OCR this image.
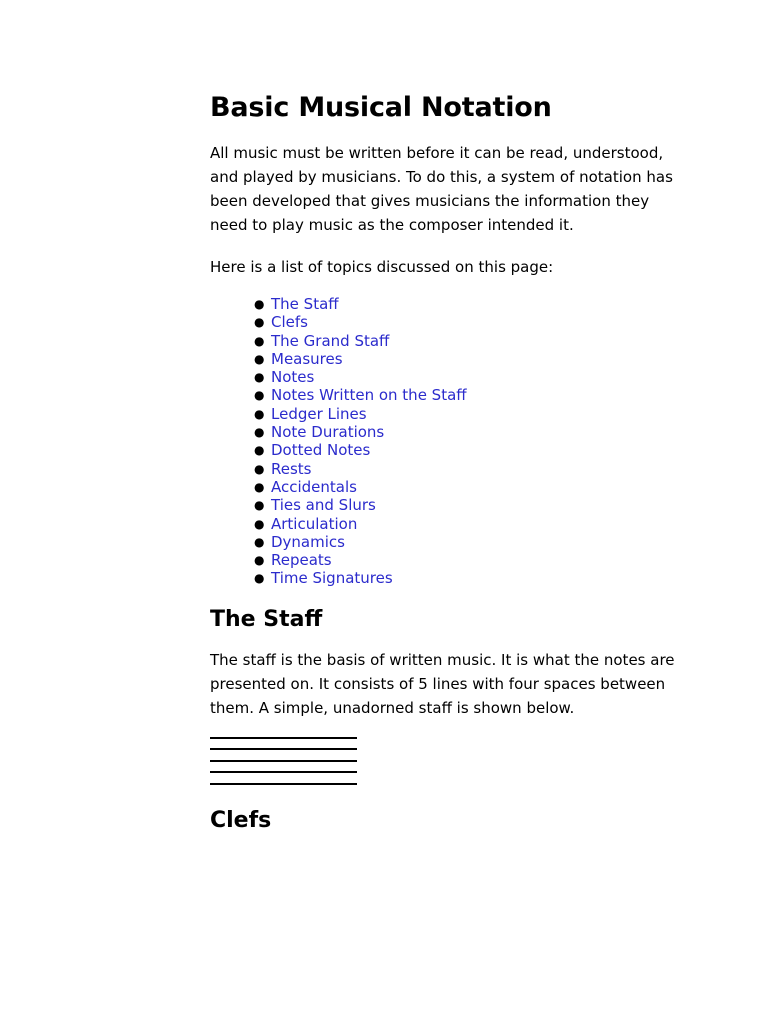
Basic Musical Notation

All music must be written before it can be read, understood, and played by musicians. To do this, a system of notation has been developed that gives musicians the information they need to play music as the composer intended it.

Here is a list of topics discussed on this page:

● The Staff
● Clefs
● The Grand Staff
● Measures
● Notes
● Notes Written on the Staff
● Ledger Lines
● Note Durations
● Dotted Notes
● Rests
● Accidentals
● Ties and Slurs
● Articulation
● Dynamics
● Repeats
● Time Signatures
The Staff

The staff is the basis of written music. It is what the notes are presented on. It consists of 5 lines with four spaces between them. A simple, unadorned staff is shown below.

Clefs
